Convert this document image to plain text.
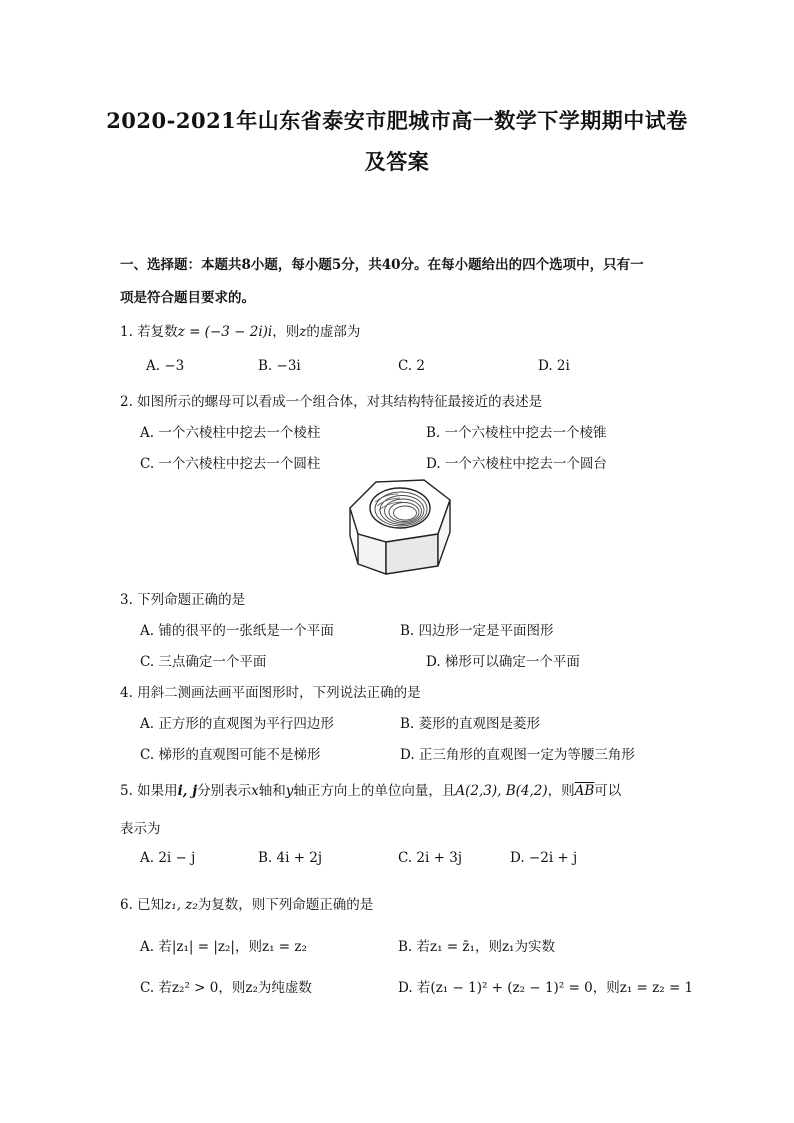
2020-2021年山东省泰安市肥城市高一数学下学期期中试卷
及答案
一、选择题：本题共8小题，每小题5分，共40分。在每小题给出的四个选项中，只有一
项是符合题目要求的。
1. 若复数z = (−3 − 2i)i，则z的虚部为
A. −3	B. −3i	C. 2	D. 2i
2. 如图所示的螺母可以看成一个组合体，对其结构特征最接近的表述是
A. 一个六棱柱中挖去一个棱柱	B. 一个六棱柱中挖去一个棱锥
C. 一个六棱柱中挖去一个圆柱	D. 一个六棱柱中挖去一个圆台
3. 下列命题正确的是
A. 铺的很平的一张纸是一个平面	B. 四边形一定是平面图形
C. 三点确定一个平面	D. 梯形可以确定一个平面
4. 用斜二测画法画平面图形时，下列说法正确的是
A. 正方形的直观图为平行四边形	B. 菱形的直观图是菱形
C. 梯形的直观图可能不是梯形	D. 正三角形的直观图一定为等腰三角形
5. 如果用i, j分别表示x轴和y轴正方向上的单位向量，且A(2,3), B(4,2)，则$\overline{AB}$可以
表示为
A. 2i − j	B. 4i + 2j	C. 2i + 3j	D. −2i + j
6. 已知z₁, z₂为复数，则下列命题正确的是
A. 若|z₁| = |z₂|，则z₁ = z₂	B. 若z₁ = z̄₁，则z₁为实数
C. 若z₂² > 0，则z₂为纯虚数	D. 若(z₁ − 1)² + (z₂ − 1)² = 0，则z₁ = z₂ = 1
